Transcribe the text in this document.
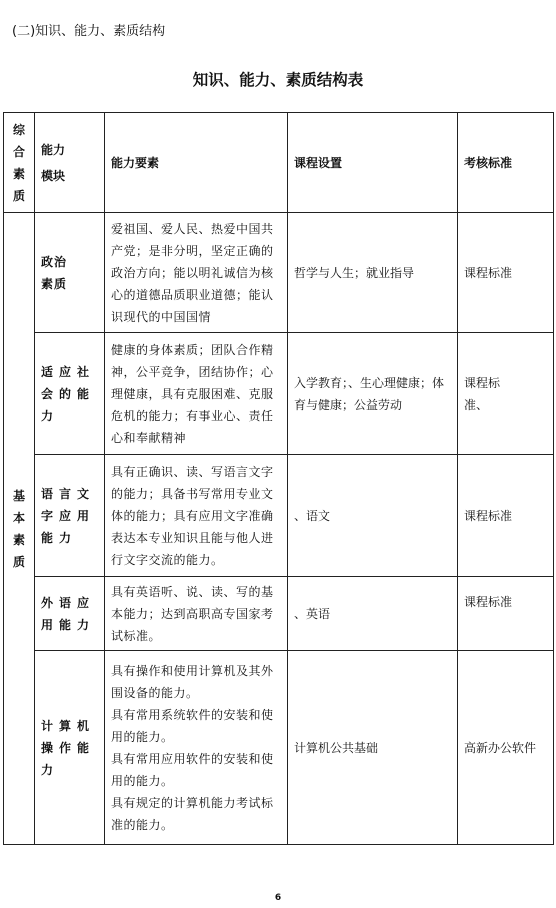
(二)知识、能力、素质结构
知识、能力、素质结构表
综合素质	能力模块	能力要素	课程设置	考核标准
基本素质	政治素质	爱祖国、爱人民、热爱中国共产党；是非分明，坚定正确的政治方向；能以明礼诚信为核心的道德品质职业道德；能认识现代的中国国情	哲学与人生；就业指导	课程标准
	适应社会的能力	健康的身体素质；团队合作精神，公平竞争，团结协作；心理健康，具有克服困难、克服危机的能力；有事业心、责任心和奉献精神	入学教育；、生心理健康；体育与健康；公益劳动	课程标准、
	语言文字应用能力	具有正确识、读、写语言文字的能力；具备书写常用专业文体的能力；具有应用文字准确表达本专业知识且能与他人进行文字交流的能力。	、语文	课程标准
	外语应用能力	具有英语听、说、读、写的基本能力；达到高职高专国家考试标准。	、英语	课程标准
	计算机操作能力	具有操作和使用计算机及其外围设备的能力。
具有常用系统软件的安装和使用的能力。
具有常用应用软件的安装和使用的能力。
具有规定的计算机能力考试标准的能力。	计算机公共基础	高新办公软件
6
